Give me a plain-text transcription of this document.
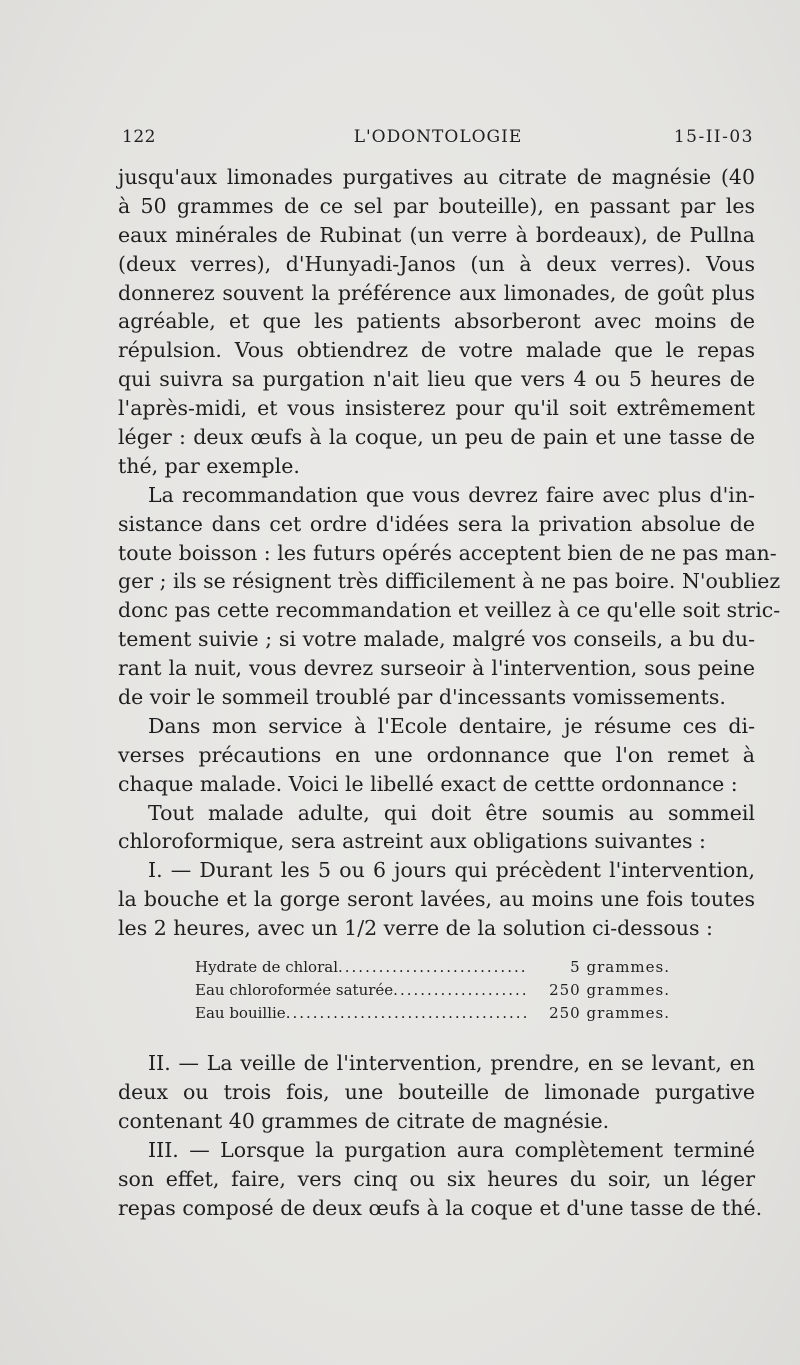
122	L'ODONTOLOGIE	15-II-03
jusqu'aux limonades purgatives au citrate de magnésie (40
à 50 grammes de ce sel par bouteille), en passant par les
eaux minérales de Rubinat (un verre à bordeaux), de Pullna
(deux verres), d'Hunyadi-Janos (un à deux verres). Vous
donnerez souvent la préférence aux limonades, de goût plus
agréable, et que les patients absorberont avec moins de
répulsion. Vous obtiendrez de votre malade que le repas
qui suivra sa purgation n'ait lieu que vers 4 ou 5 heures de
l'après-midi, et vous insisterez pour qu'il soit extrêmement
léger : deux œufs à la coque, un peu de pain et une tasse de
thé, par exemple.
La recommandation que vous devrez faire avec plus d'in-
sistance dans cet ordre d'idées sera la privation absolue de
toute boisson : les futurs opérés acceptent bien de ne pas man-
ger ; ils se résignent très difficilement à ne pas boire. N'oubliez
donc pas cette recommandation et veillez à ce qu'elle soit stric-
tement suivie ; si votre malade, malgré vos conseils, a bu du-
rant la nuit, vous devrez surseoir à l'intervention, sous peine
de voir le sommeil troublé par d'incessants vomissements.
Dans mon service à l'Ecole dentaire, je résume ces di-
verses précautions en une ordonnance que l'on remet à
chaque malade. Voici le libellé exact de cettte ordonnance :
Tout malade adulte, qui doit être soumis au sommeil
chloroformique, sera astreint aux obligations suivantes :
I. — Durant les 5 ou 6 jours qui précèdent l'intervention,
la bouche et la gorge seront lavées, au moins une fois toutes
les 2 heures, avec un 1/2 verre de la solution ci-dessous :
Hydrate de chloral .....	5 grammes.
Eau chloroformée saturée .....	250 grammes.
Eau bouillie .....	250 grammes.
II. — La veille de l'intervention, prendre, en se levant, en
deux ou trois fois, une bouteille de limonade purgative
contenant 40 grammes de citrate de magnésie.
III. — Lorsque la purgation aura complètement terminé
son effet, faire, vers cinq ou six heures du soir, un léger
repas composé de deux œufs à la coque et d'une tasse de thé.
